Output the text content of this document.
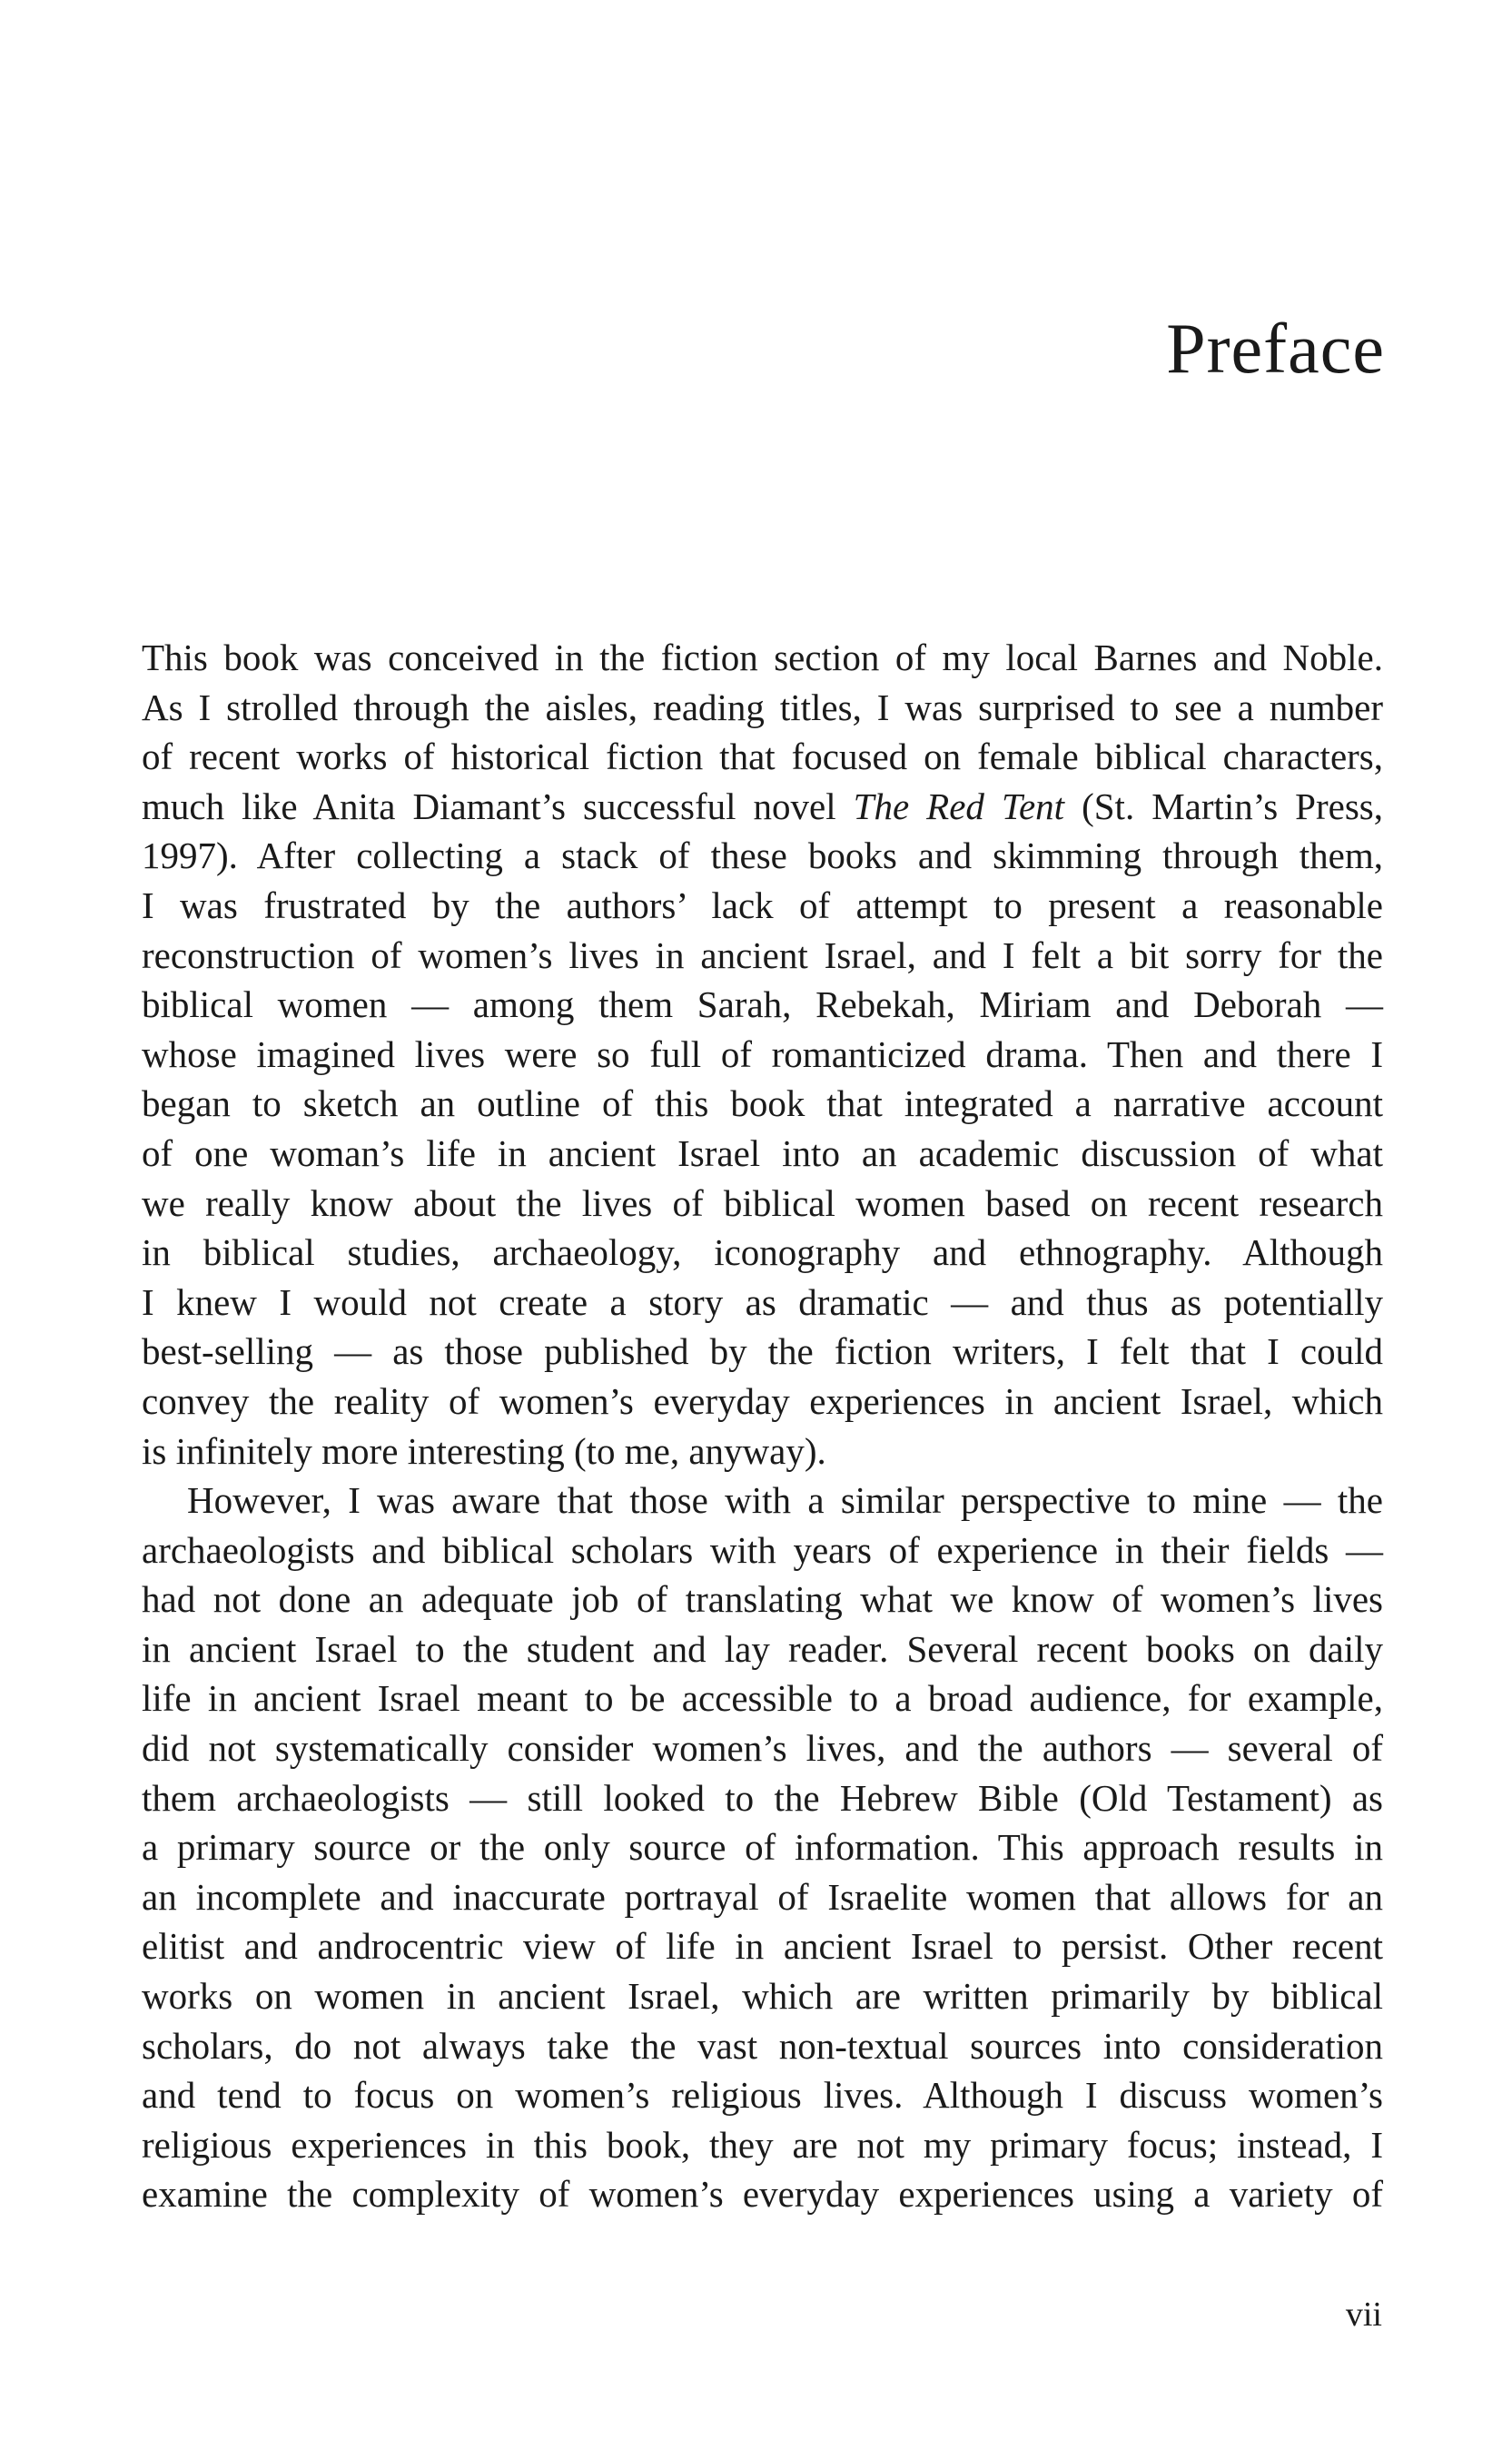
Preface
This book was conceived in the fiction section of my local Barnes and Noble.
As I strolled through the aisles, reading titles, I was surprised to see a number
of recent works of historical fiction that focused on female biblical characters,
much like Anita Diamant’s successful novel The Red Tent (St. Martin’s Press,
1997). After collecting a stack of these books and skimming through them,
I was frustrated by the authors’ lack of attempt to present a reasonable
reconstruction of women’s lives in ancient Israel, and I felt a bit sorry for the
biblical women — among them Sarah, Rebekah, Miriam and Deborah —
whose imagined lives were so full of romanticized drama. Then and there I
began to sketch an outline of this book that integrated a narrative account
of one woman’s life in ancient Israel into an academic discussion of what
we really know about the lives of biblical women based on recent research
in biblical studies, archaeology, iconography and ethnography. Although
I knew I would not create a story as dramatic — and thus as potentially
best-selling — as those published by the fiction writers, I felt that I could
convey the reality of women’s everyday experiences in ancient Israel, which
is infinitely more interesting (to me, anyway).
However, I was aware that those with a similar perspective to mine — the
archaeologists and biblical scholars with years of experience in their fields —
had not done an adequate job of translating what we know of women’s lives
in ancient Israel to the student and lay reader. Several recent books on daily
life in ancient Israel meant to be accessible to a broad audience, for example,
did not systematically consider women’s lives, and the authors — several of
them archaeologists — still looked to the Hebrew Bible (Old Testament) as
a primary source or the only source of information. This approach results in
an incomplete and inaccurate portrayal of Israelite women that allows for an
elitist and androcentric view of life in ancient Israel to persist. Other recent
works on women in ancient Israel, which are written primarily by biblical
scholars, do not always take the vast non-textual sources into consideration
and tend to focus on women’s religious lives. Although I discuss women’s
religious experiences in this book, they are not my primary focus; instead, I
examine the complexity of women’s everyday experiences using a variety of
vii
